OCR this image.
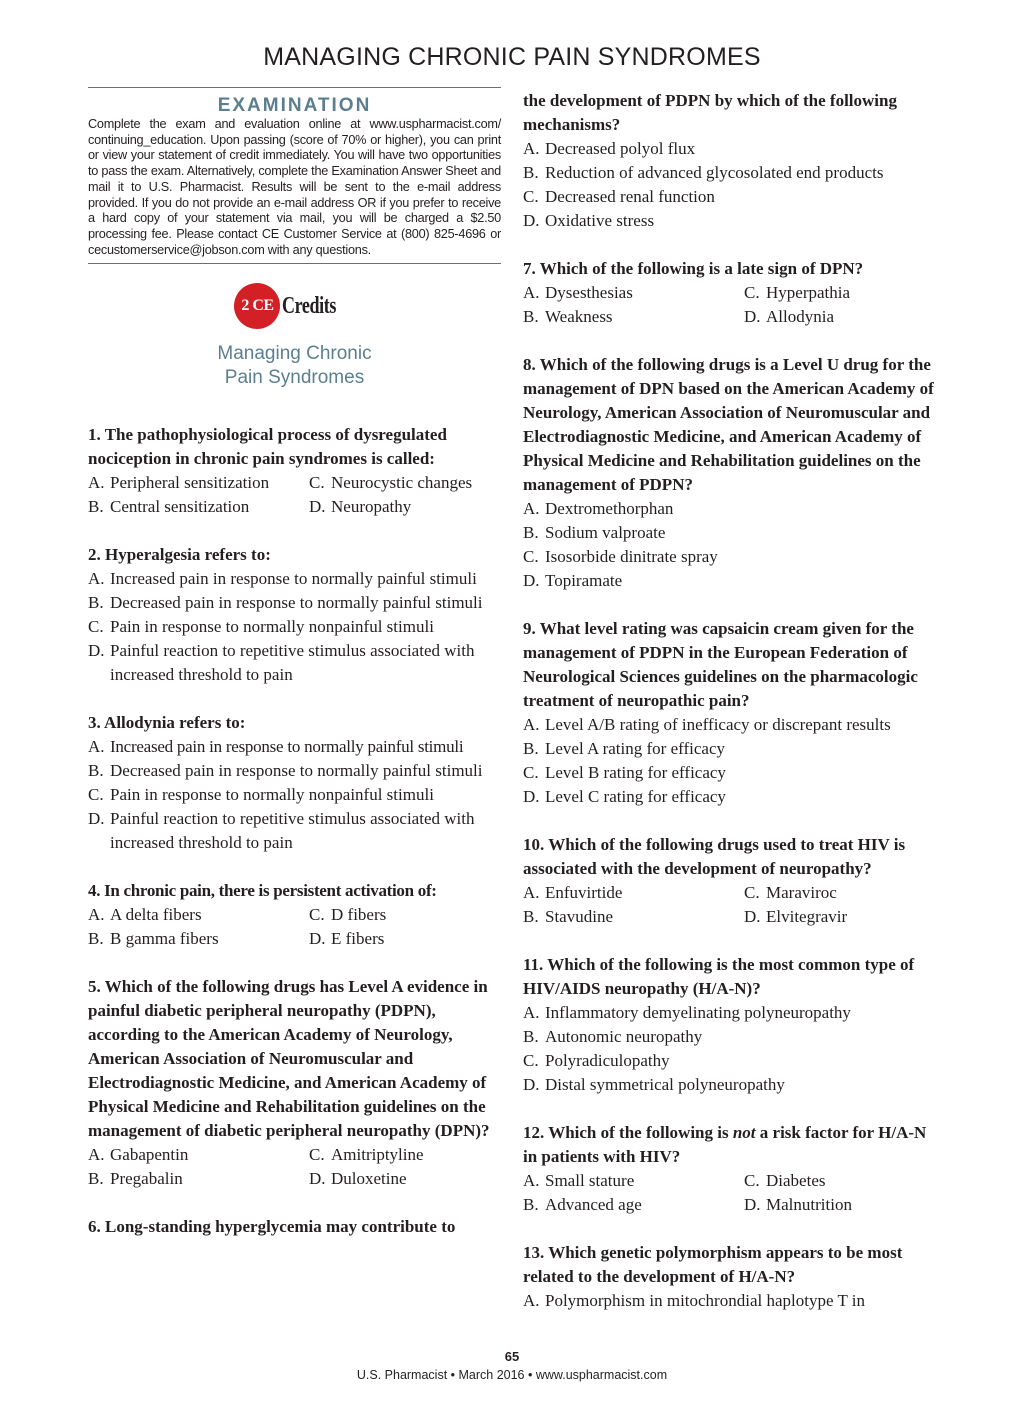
MANAGING CHRONIC PAIN SYNDROMES
EXAMINATION

Complete the exam and evaluation online at www.uspharmacist.com/ continuing_education. Upon passing (score of 70% or higher), you can print or view your statement of credit immediately. You will have two opportunities to pass the exam. Alternatively, complete the Examination Answer Sheet and mail it to U.S. Pharmacist. Results will be sent to the e-mail address provided. If you do not provide an e-mail address OR if you prefer to receive a hard copy of your statement via mail, you will be charged a $2.50 processing fee. Please contact CE Customer Service at (800) 825-4696 or cecustomerservice@jobson.com with any questions.

2 CE Credits
Managing Chronic
Pain Syndromes
1. The pathophysiological process of dysregulated nociception in chronic pain syndromes is called:
A. Peripheral sensitization C. Neurocystic changes
B. Central sensitization	D. Neuropathy
2. Hyperalgesia refers to:
A. Increased pain in response to normally painful stimuli
B. Decreased pain in response to normally painful stimuli
C. Pain in response to normally nonpainful stimuli
D. Painful reaction to repetitive stimulus associated with increased threshold to pain
3. Allodynia refers to:
A. Increased pain in response to normally painful stimuli
B. Decreased pain in response to normally painful stimuli
C. Pain in response to normally nonpainful stimuli
D. Painful reaction to repetitive stimulus associated with increased threshold to pain
4. In chronic pain, there is persistent activation of:
A. A delta fibers	C. D fibers
B. B gamma fibers	D. E fibers
5. Which of the following drugs has Level A evidence in painful diabetic peripheral neuropathy (PDPN), according to the American Academy of Neurology, American Association of Neuromuscular and Electrodiagnostic Medicine, and American Academy of Physical Medicine and Rehabilitation guidelines on the management of diabetic peripheral neuropathy (DPN)?
A. Gabapentin	C. Amitriptyline
B. Pregabalin	D. Duloxetine
6. Long-standing hyperglycemia may contribute to
the development of PDPN by which of the following mechanisms?
A. Decreased polyol flux
B. Reduction of advanced glycosolated end products
C. Decreased renal function
D. Oxidative stress
7. Which of the following is a late sign of DPN?
A. Dysesthesias	C. Hyperpathia
B. Weakness	D. Allodynia
8. Which of the following drugs is a Level U drug for the management of DPN based on the American Academy of Neurology, American Association of Neuromuscular and Electrodiagnostic Medicine, and American Academy of Physical Medicine and Rehabilitation guidelines on the management of PDPN?
A. Dextromethorphan
B. Sodium valproate
C. Isosorbide dinitrate spray
D. Topiramate
9. What level rating was capsaicin cream given for the management of PDPN in the European Federation of Neurological Sciences guidelines on the pharmacologic treatment of neuropathic pain?
A. Level A/B rating of inefficacy or discrepant results
B. Level A rating for efficacy
C. Level B rating for efficacy
D. Level C rating for efficacy
10. Which of the following drugs used to treat HIV is associated with the development of neuropathy?
A. Enfuvirtide	C. Maraviroc
B. Stavudine	D. Elvitegravir
11. Which of the following is the most common type of HIV/AIDS neuropathy (H/A-N)?
A. Inflammatory demyelinating polyneuropathy
B. Autonomic neuropathy
C. Polyradiculopathy
D. Distal symmetrical polyneuropathy
12. Which of the following is not a risk factor for H/A-N in patients with HIV?
A. Small stature	C. Diabetes
B. Advanced age	D. Malnutrition
13. Which genetic polymorphism appears to be most related to the development of H/A-N?
A. Polymorphism in mitochrondial haplotype T in
65
U.S. Pharmacist • March 2016 • www.uspharmacist.com
